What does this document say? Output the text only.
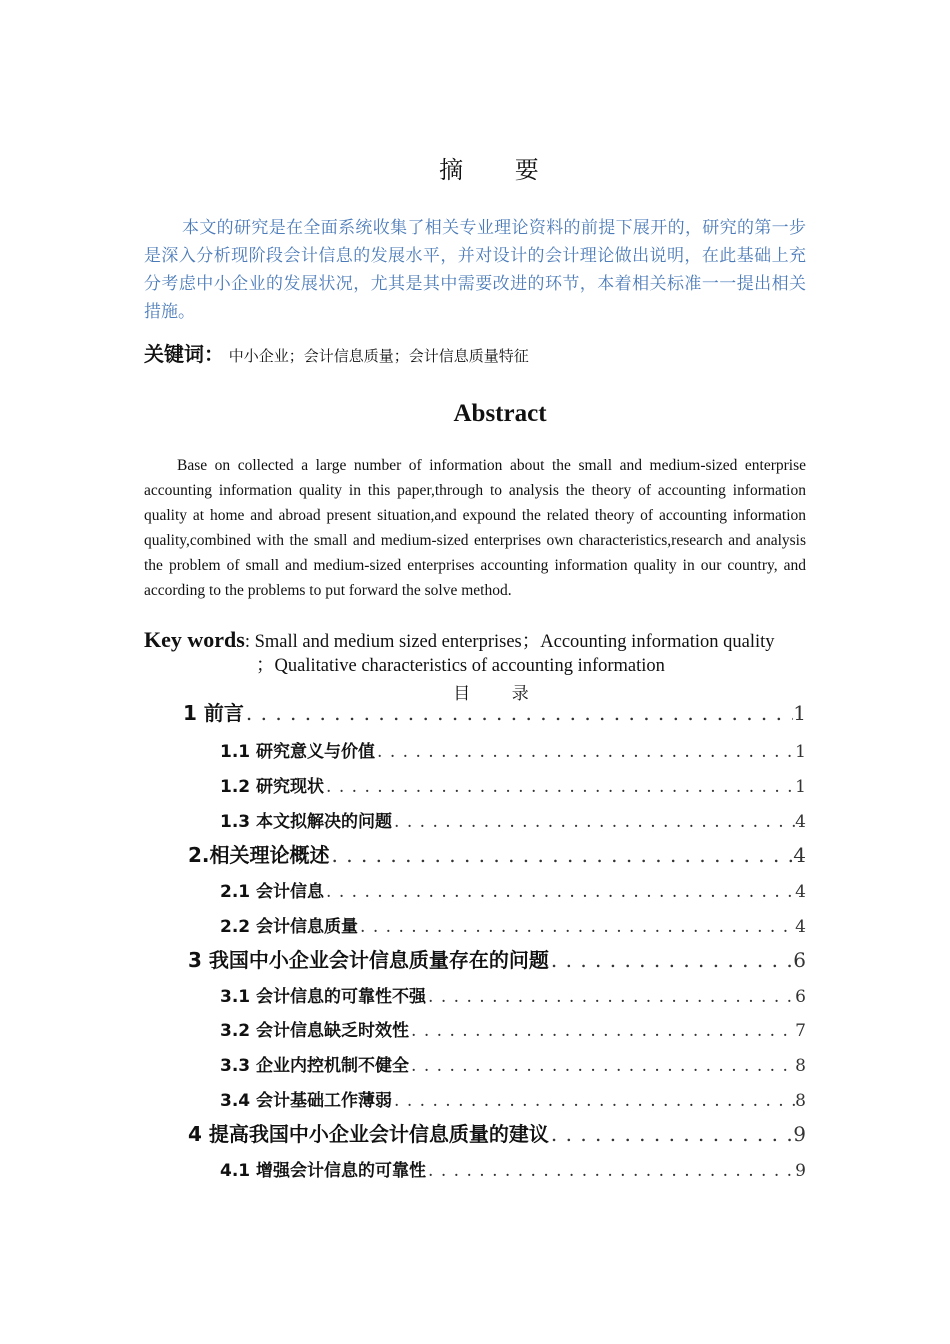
摘 要
本文的研究是在全面系统收集了相关专业理论资料的前提下展开的，研究的第一步是深入分析现阶段会计信息的发展水平，并对设计的会计理论做出说明，在此基础上充分考虑中小企业的发展状况，尤其是其中需要改进的环节，本着相关标准一一提出相关措施。
关键词： 中小企业；会计信息质量；会计信息质量特征
Abstract
Base on collected a large number of information about the small and medium-sized enterprise accounting information quality in this paper,through to analysis the theory of accounting information quality at home and abroad present situation,and expound the related theory of accounting information quality,combined with the small and medium-sized enterprises own characteristics,research and analysis the problem of small and medium-sized enterprises accounting information quality in our country, and according to the problems to put forward the solve method.
Key words: Small and medium sized enterprises；Accounting information quality
；Qualitative characteristics of accounting information
目 录
1 前言 . . .	1
1.1 研究意义与价值 . . .	1
1.2 研究现状 . . .	1
1.3 本文拟解决的问题 . . .	4
2.相关理论概述 . . .	4
2.1 会计信息 . . .	4
2.2 会计信息质量 . . .	4
3 我国中小企业会计信息质量存在的问题 . . .	6
3.1 会计信息的可靠性不强 . . .	6
3.2 会计信息缺乏时效性 . . .	7
3.3 企业内控机制不健全 . . .	8
3.4 会计基础工作薄弱 . . .	8
4 提高我国中小企业会计信息质量的建议 . . .	9
4.1 增强会计信息的可靠性 . . .	9
